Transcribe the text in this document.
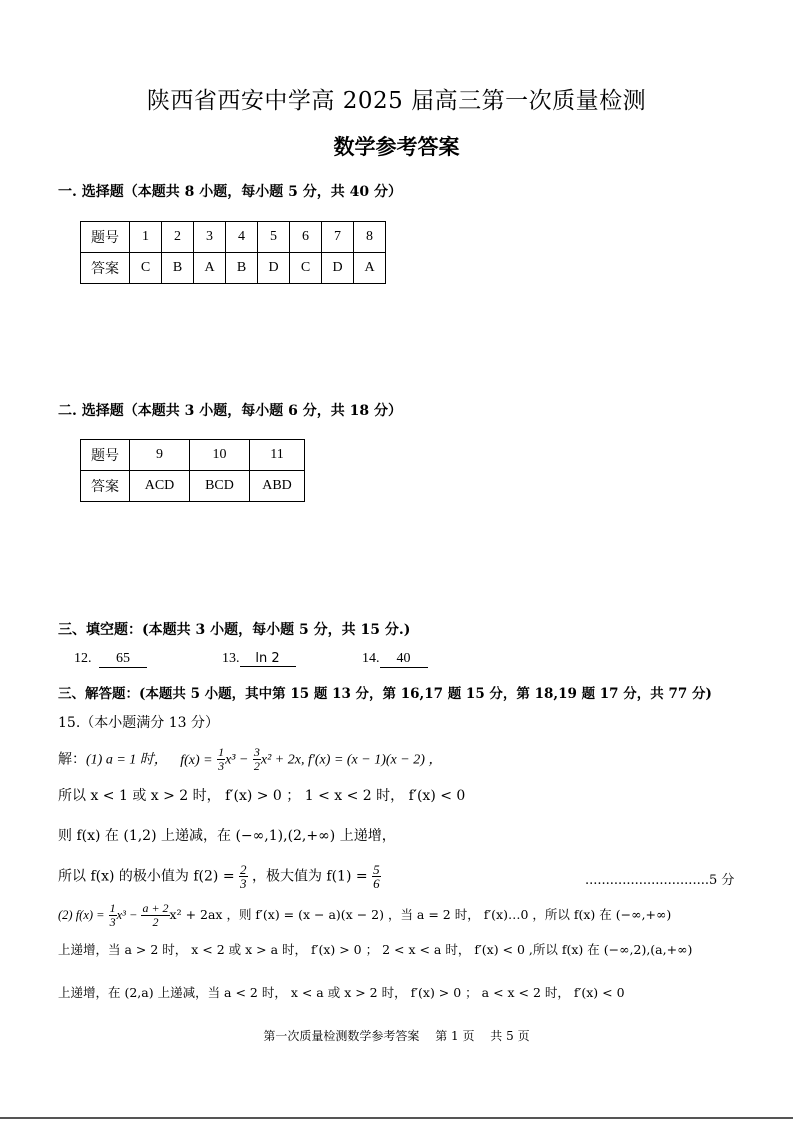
陕西省西安中学高 2025 届高三第一次质量检测
数学参考答案
一. 选择题（本题共 8 小题，每小题 5 分，共 40 分）
题号	1	2	3	4	5	6	7	8
答案	C	B	A	B	D	C	D	A
二. 选择题（本题共 3 小题，每小题 6 分，共 18 分）
题号	9	10	11
答案	ACD	BCD	ABD
三、填空题：(本题共 3 小题，每小题 5 分，共 15 分.)
12. 65	13. ln 2	14. 40
三、解答题：(本题共 5 小题，其中第 15 题 13 分，第 16,17 题 15 分，第 18,19 题 17 分，共 77 分)
15.（本小题满分 13 分）
解：(1) a = 1 时， $f(x) = \frac{1}{3} x^3 - \frac{3}{2} x^2 + 2x$, f′(x) = (x − 1)(x − 2) ，
所以 x < 1 或 x > 2 时， f′(x) > 0 ； 1 < x < 2 时， f′(x) < 0
则 f(x) 在 (1,2) 上递减，在 (−∞,1),(2,+∞) 上递增，
所以 f(x) 的极小值为 $f(2) = \frac{2}{3}$ ，极大值为 $f(1) = \frac{5}{6}$	..............................5 分
(2) $f(x) = \frac{1}{3} x^3 - \frac{a + 2}{2} x^2 + 2ax$ ，则 f′(x) = (x − a)(x − 2) ，当 a = 2 时， f′(x)…0 ，所以 f(x) 在 (−∞,+∞)
上递增，当 a > 2 时， x < 2 或 x > a 时， f′(x) > 0 ； 2 < x < a 时， f′(x) < 0 ,所以 f(x) 在 (−∞,2),(a,+∞)
上递增，在 (2,a) 上递减，当 a < 2 时， x < a 或 x > 2 时， f′(x) > 0 ； a < x < 2 时， f′(x) < 0
第一次质量检测数学参考答案　 第 1 页　 共 5 页
